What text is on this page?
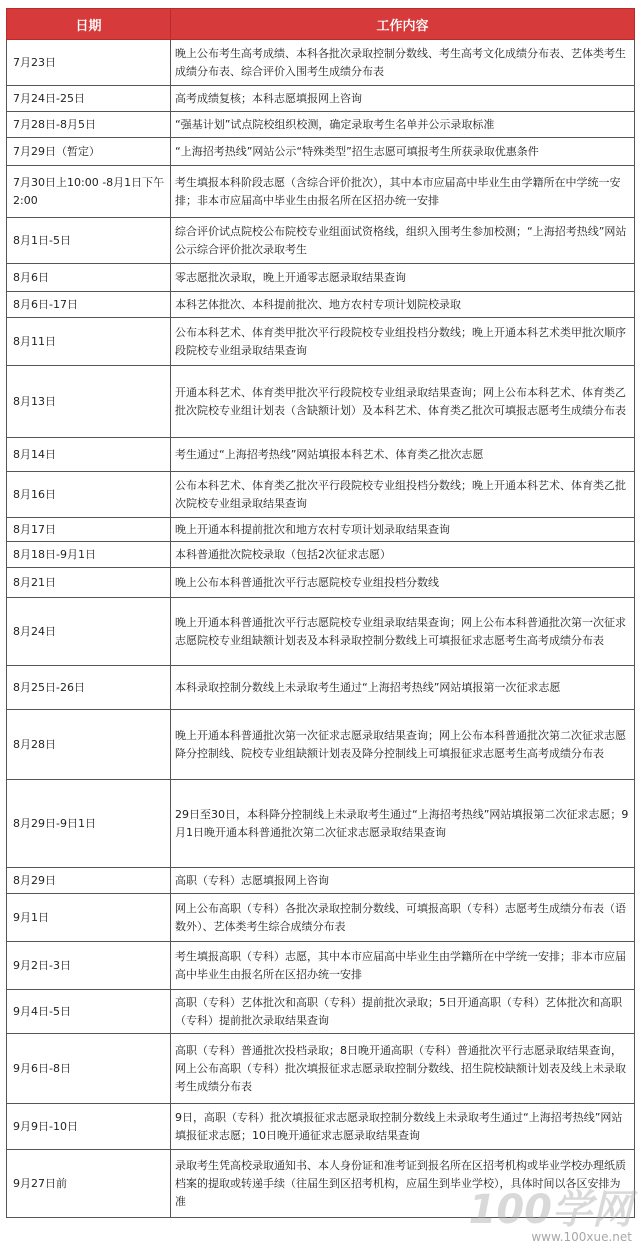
日期	工作内容
7月23日	晚上公布考生高考成绩、本科各批次录取控制分数线、考生高考文化成绩分布表、艺体类考生成绩分布表、综合评价入围考生成绩分布表
7月24日-25日	高考成绩复核；本科志愿填报网上咨询
7月28日-8月5日	“强基计划”试点院校组织校测，确定录取考生名单并公示录取标准
7月29日（暂定）	“上海招考热线”网站公示“特殊类型”招生志愿可填报考生所获录取优惠条件
7月30日上10:00 -8月1日下午2:00	考生填报本科阶段志愿（含综合评价批次），其中本市应届高中毕业生由学籍所在中学统一安排；非本市应届高中毕业生由报名所在区招办统一安排
8月1日-5日	综合评价试点院校公布院校专业组面试资格线，组织入围考生参加校测；“上海招考热线”网站公示综合评价批次录取考生
8月6日	零志愿批次录取，晚上开通零志愿录取结果查询
8月6日-17日	本科艺体批次、本科提前批次、地方农村专项计划院校录取
8月11日	公布本科艺术、体育类甲批次平行段院校专业组投档分数线；晚上开通本科艺术类甲批次顺序段院校专业组录取结果查询
8月13日	开通本科艺术、体育类甲批次平行段院校专业组录取结果查询；网上公布本科艺术、体育类乙批次院校专业组计划表（含缺额计划）及本科艺术、体育类乙批次可填报志愿考生成绩分布表
8月14日	考生通过“上海招考热线”网站填报本科艺术、体育类乙批次志愿
8月16日	公布本科艺术、体育类乙批次平行段院校专业组投档分数线；晚上开通本科艺术、体育类乙批次院校专业组录取结果查询
8月17日	晚上开通本科提前批次和地方农村专项计划录取结果查询
8月18日-9月1日	本科普通批次院校录取（包括2次征求志愿）
8月21日	晚上公布本科普通批次平行志愿院校专业组投档分数线
8月24日	晚上开通本科普通批次平行志愿院校专业组录取结果查询；网上公布本科普通批次第一次征求志愿院校专业组缺额计划表及本科录取控制分数线上可填报征求志愿考生高考成绩分布表
8月25日-26日	本科录取控制分数线上未录取考生通过“上海招考热线”网站填报第一次征求志愿
8月28日	晚上开通本科普通批次第一次征求志愿录取结果查询；网上公布本科普通批次第二次征求志愿降分控制线、院校专业组缺额计划表及降分控制线上可填报征求志愿考生高考成绩分布表
8月29日-9日1日	29日至30日，本科降分控制线上未录取考生通过“上海招考热线”网站填报第二次征求志愿；9月1日晚开通本科普通批次第二次征求志愿录取结果查询
8月29日	高职（专科）志愿填报网上咨询
9月1日	网上公布高职（专科）各批次录取控制分数线、可填报高职（专科）志愿考生成绩分布表（语数外）、艺体类考生综合成绩分布表
9月2日-3日	考生填报高职（专科）志愿，其中本市应届高中毕业生由学籍所在中学统一安排；非本市应届高中毕业生由报名所在区招办统一安排
9月4日-5日	高职（专科）艺体批次和高职（专科）提前批次录取；5日开通高职（专科）艺体批次和高职（专科）提前批次录取结果查询
9月6日-8日	高职（专科）普通批次投档录取；8日晚开通高职（专科）普通批次平行志愿录取结果查询，网上公布高职（专科）批次填报征求志愿录取控制分数线、招生院校缺额计划表及线上未录取考生成绩分布表
9月9日-10日	9日，高职（专科）批次填报征求志愿录取控制分数线上未录取考生通过“上海招考热线”网站填报征求志愿；10日晚开通征求志愿录取结果查询
9月27日前	录取考生凭高校录取通知书、本人身份证和准考证到报名所在区招考机构或毕业学校办理纸质档案的提取或转递手续（往届生到区招考机构，应届生到毕业学校），具体时间以各区安排为准	100学网
www.100xue.net
